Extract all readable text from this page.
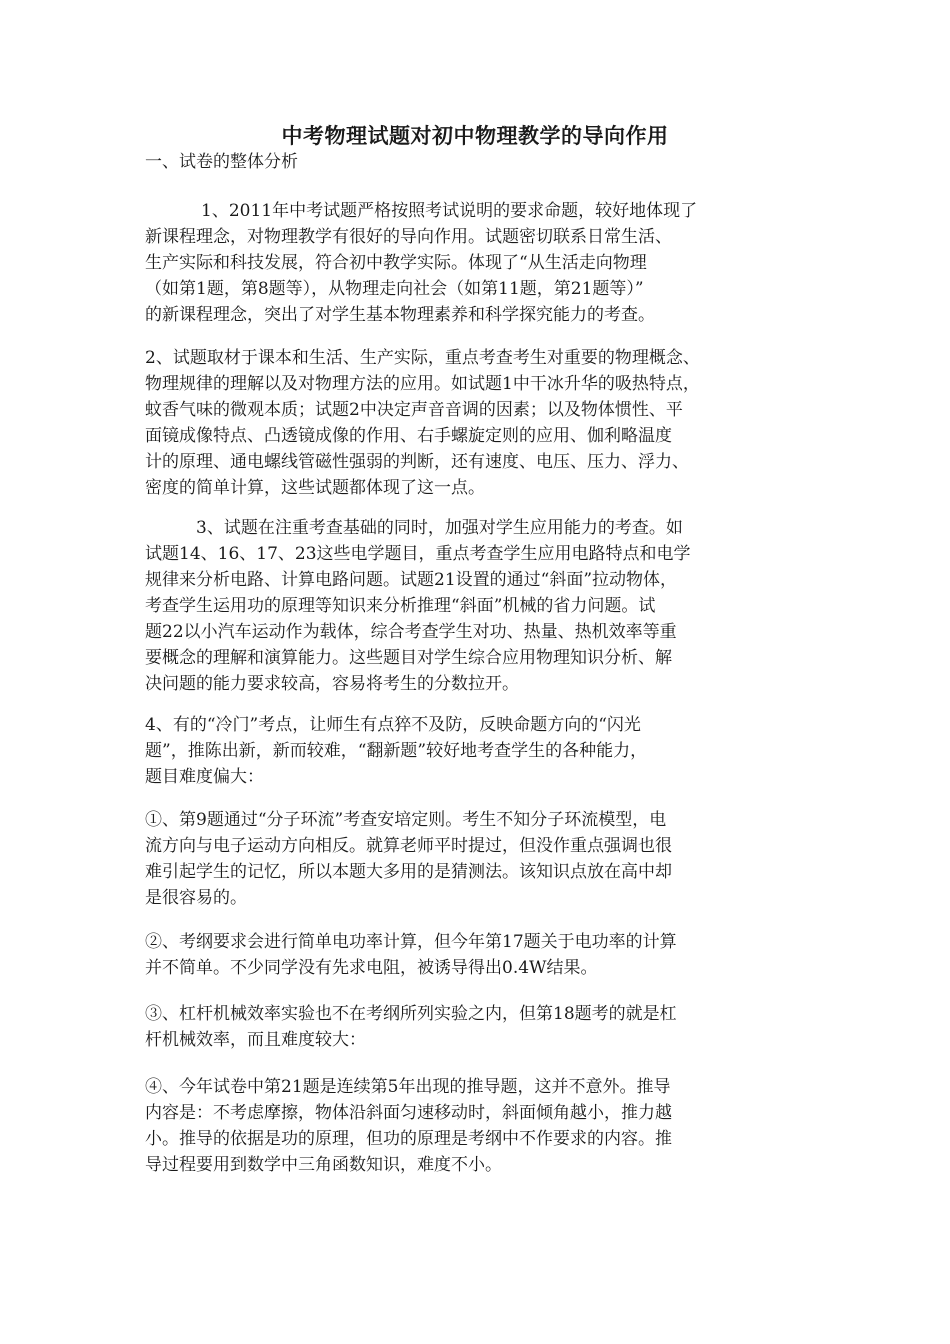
中考物理试题对初中物理教学的导向作用
一、试卷的整体分析
1、2011年中考试题严格按照考试说明的要求命题，较好地体现了
新课程理念，对物理教学有很好的导向作用。试题密切联系日常生活、
生产实际和科技发展，符合初中教学实际。体现了“从生活走向物理
（如第1题，第8题等），从物理走向社会（如第11题，第21题等）”
的新课程理念，突出了对学生基本物理素养和科学探究能力的考查。
2、试题取材于课本和生活、生产实际，重点考查考生对重要的物理概念、
物理规律的理解以及对物理方法的应用。如试题1中干冰升华的吸热特点，
蚊香气味的微观本质；试题2中决定声音音调的因素；以及物体惯性、平
面镜成像特点、凸透镜成像的作用、右手螺旋定则的应用、伽利略温度
计的原理、通电螺线管磁性强弱的判断，还有速度、电压、压力、浮力、
密度的简单计算，这些试题都体现了这一点。
3、试题在注重考查基础的同时，加强对学生应用能力的考查。如
试题14、16、17、23这些电学题目，重点考查学生应用电路特点和电学
规律来分析电路、计算电路问题。试题21设置的通过“斜面”拉动物体，
考查学生运用功的原理等知识来分析推理“斜面”机械的省力问题。试
题22以小汽车运动作为载体，综合考查学生对功、热量、热机效率等重
要概念的理解和演算能力。这些题目对学生综合应用物理知识分析、解
决问题的能力要求较高，容易将考生的分数拉开。
4、有的“冷门”考点，让师生有点猝不及防，反映命题方向的“闪光
题”，推陈出新，新而较难，“翻新题”较好地考查学生的各种能力，
题目难度偏大：
①、第9题通过“分子环流”考查安培定则。考生不知分子环流模型，电
流方向与电子运动方向相反。就算老师平时提过，但没作重点强调也很
难引起学生的记忆，所以本题大多用的是猜测法。该知识点放在高中却
是很容易的。
②、考纲要求会进行简单电功率计算，但今年第17题关于电功率的计算
并不简单。不少同学没有先求电阻，被诱导得出0.4W结果。
③、杠杆机械效率实验也不在考纲所列实验之内，但第18题考的就是杠
杆机械效率，而且难度较大：
④、今年试卷中第21题是连续第5年出现的推导题，这并不意外。推导
内容是：不考虑摩擦，物体沿斜面匀速移动时，斜面倾角越小，推力越
小。推导的依据是功的原理，但功的原理是考纲中不作要求的内容。推
导过程要用到数学中三角函数知识，难度不小。
